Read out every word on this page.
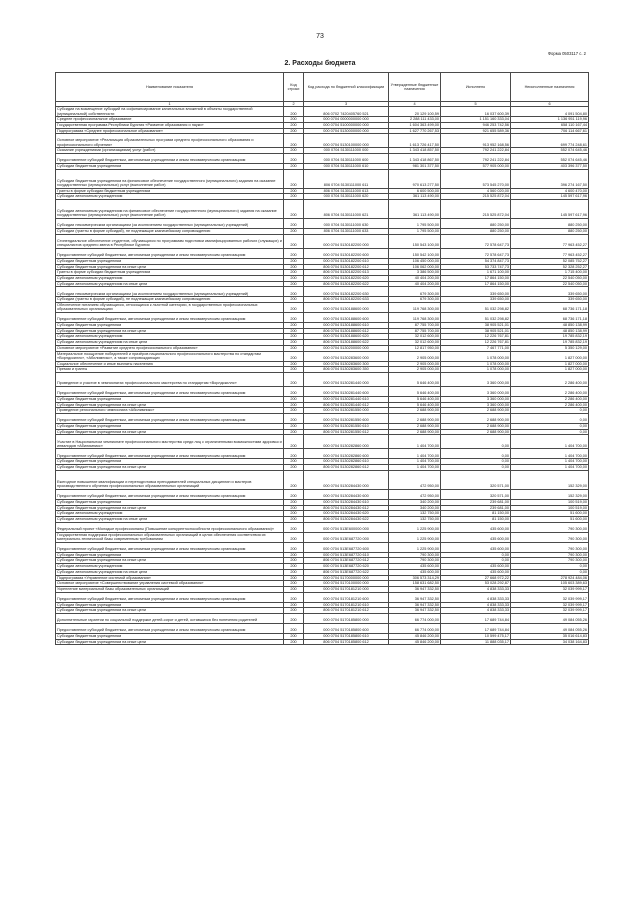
73
Форма 0503117 с. 2
2. Расходы бюджета
Наименование показателя	Код строки	Код расхода по бюджетной классификации	Утвержденные бюджетные назначения	Исполнено	Неисполненные назначения
1	2	3	4	5	6
Субсидии на возмещение субсидий на софинансирование капитальных вложений в объекты государственной (муниципальной) собственности	200	806 0702 7420405760 521	20 129 100,59	16 037 600,39	4 091 504,80
Среднее профессиональное образование	200	000 0704 0000000000 000	2 288 111 433,00	1 151 160 333,04	1 136 951 119,96
Государственная программа Республики Бурятия «Развитие образования и науки»	200	000 0704 5100000000 000	1 604 363 499,00	946 253 742,56	658 110 167,44
Подпрограмма «Среднее профессиональное образование»	200	000 0704 5130000000 000	1 627 770 267,53	921 655 589,36	706 114 667,61
Основное мероприятие «Реализация образовательных программ среднего профессионального образования и профессионального обучения»	200	000 0704 5130100000 000	1 613 726 417,50	913 952 168,56	699 774 248,61
Оказание учреждениями (организациями) услуг (работ)	200	000 0704 5130111000 000	1 343 418 857,50	792 241 222,84	552 074 645,46
Предоставление субсидий бюджетным, автономным учреждениям и иным некоммерческим организациям	200	000 0704 5130111000 600	1 343 418 867,50	792 241 222,84	552 074 645,46
Субсидии бюджетным учреждениям	200	000 0704 5130111000 610	981 301 377,50	577 905 000,00	403 396 377,50
Субсидии бюджетным учреждениям на финансовое обеспечение государственного (муниципального) задания на оказание государственных (муниципальных) услуг (выполнение работ)	200	806 0704 5130111000 611	970 613 277,50	573 545 270,00	396 274 167,50
Гранты в форме субсидии бюджетным учреждениям	200	806 0704 5130111000 613	6 600 500,00	4 560 020,00	4 600 470,00
Субсидии автономным учреждениям	200	000 0704 5130111000 620	361 113 490,00	215 525 872,04	145 597 617,96
Субсидии автономным учреждениям на финансовое обеспечение государственного (муниципального) задания на оказание государственных (муниципальных) услуг (выполнение работ)	200	806 0704 5130111000 621	361 113 490,00	215 525 872,04	145 597 617,96
Субсидии некоммерческим организациям (за исключением государственных (муниципальных) учреждений)	200	000 0704 5130111000 630	1 795 500,00	880 250,00	880 250,00
Субсидии (гранты в форме субсидий), не подлежащие казначейскому сопровождению	200	806 0704 5130111000 633	1 795 500,00	880 250,00	880 250,00
Стипендиальное обеспечение студентов, обучающихся по программам подготовки квалифицированных рабочих (служащих) и специалистов среднего звена в Республике Бурятия	200	000 0704 5130182200 000	150 543 100,00	72 578 647,73	77 963 452,27
Предоставление субсидий бюджетным, автономным учреждениям и иным некоммерческим организациям	200	000 0704 5130182200 600	150 542 100,00	72 578 647,73	77 963 452,27
Субсидии бюджетным учреждениям	200	000 0704 5130182200 610	106 450 000,00	54 374 847,73	52 085 752,27
Субсидии бюджетным учреждениям на иные цели	200	806 0704 5130182200 612	106 062 000,00	53 733 747,73	52 328 252,27
Гранты в форме субсидии бюджетным учреждениям	200	806 0704 5130182200 613	3 386 500,00	1 671 100,00	1 715 400,00
Субсидии автономным учреждениям	200	000 0704 5130182200 620	40 404 200,00	17 864 150,00	22 540 050,00
Субсидии автономным учреждениям на иные цели	200	806 0704 5130182200 622	40 404 200,00	17 864 150,00	22 540 050,00
Субсидии некоммерческим организациям (за исключением государственных (муниципальных) учреждений)	200	000 0704 5130182200 630	679 300,00	339 650,00	339 650,00
Субсидии (гранты в форме субсидий), не подлежащие казначейскому сопровождению	200	806 0704 5130182200 633	679 300,00	339 650,00	339 650,00
Обеспечение питанием обучающихся, относящихся к льготной категории, в государственных профессиональных образовательных организациях	200	000 0704 5130188600 000	119 768 300,00	51 032 298,82	68 736 171,18
Предоставление субсидий бюджетным, автономным учреждениям и иным некоммерческим организациям	200	000 0704 5130188600 600	119 768 300,00	51 032 298,82	68 736 171,18
Субсидии бюджетным учреждениям	200	000 0704 5130188600 610	87 755 700,00	38 905 521,01	48 850 138,99
Субсидии бюджетным учреждениям на иные цели	200	806 0704 5130188600 612	87 755 700,00	38 905 521,01	48 850 138,99
Субсидии автономным учреждениям	200	000 0704 5130188600 620	32 012 600,00	12 226 767,81	19 785 832,19
Субсидии автономным учреждениям на иные цели	200	806 0704 5130188600 622	32 012 600,00	12 226 767,81	19 785 832,19
Основное мероприятие «Развитие среднего профессионального образования»	200	000 0704 5130200000 000	12 817 950,00	7 467 771,00	5 350 129,00
Материальное поощрение победителей и призёров национального профессионального мастерства по стандартам «Ворлдскиллс», «Абилимпикс», а также сопровождающих	200	000 0704 5130283600 000	2 905 000,00	1 078 000,00	1 827 000,00
Социальное обеспечение и иные выплаты населению	200	000 0704 5130283600 300	2 905 000,00	1 078 000,00	1 827 000,00
Премии и гранты	200	806 0704 5130283600 350	2 905 000,00	1 078 000,00	1 827 000,00
Проведение и участие в чемпионатах профессионального мастерства по стандартам «Ворлдскиллс»	200	000 0704 5130281440 000	5 646 400,00	3 360 000,00	2 286 400,00
Предоставление субсидий бюджетным, автономным учреждениям и иным некоммерческим организациям	200	000 0704 5130281440 600	5 646 400,00	3 360 000,00	2 286 400,00
Субсидии бюджетным учреждениям	200	000 0704 5130281440 610	5 646 400,00	3 360 000,00	2 286 400,00
Субсидии бюджетным учреждениям на иные цели	200	806 0704 5130281440 612	5 646 400,00	3 360 000,00	2 286 400,00
Проведение регионального чемпионата «Абилимпикс»	200	000 0704 5130281550 000	2 688 900,00	2 688 900,00	0,00
Предоставление субсидий бюджетным, автономным учреждениям и иным некоммерческим организациям	200	000 0704 5130281550 600	2 688 900,00	2 688 900,00	0,00
Субсидии бюджетным учреждениям	200	000 0704 5130281550 610	2 688 900,00	2 688 900,00	0,00
Субсидии бюджетным учреждениям на иные цели	200	806 0704 5130281550 612	2 688 900,00	2 688 900,00	0,00
Участие в Национальном чемпионате профессионального мастерства среди лиц с ограниченными возможностями здоровья и инвалидов «Абилимпикс»	200	000 0704 5130282860 000	1 404 700,00	0,00	1 404 700,00
Предоставление субсидий бюджетным, автономным учреждениям и иным некоммерческим организациям	200	000 0704 5130282860 600	1 404 700,00	0,00	1 404 700,00
Субсидии бюджетным учреждениям	200	000 0704 5130282860 610	1 404 700,00	0,00	1 404 700,00
Субсидии бюджетным учреждениям на иные цели	200	806 0704 5130282860 612	1 404 700,00	0,00	1 404 700,00
Ежегодное повышение квалификации и переподготовка преподавателей специальных дисциплин и мастеров производственного обучения профессиональных образовательных организаций	200	000 0704 5130284430 000	472 950,00	320 571,00	152 329,00
Предоставление субсидий бюджетным, автономным учреждениям и иным некоммерческим организациям	200	000 0704 5130284430 600	472 950,00	320 571,00	152 329,00
Субсидии бюджетным учреждениям	200	000 0704 5130284430 610	340 200,00	239 681,00	100 519,00
Субсидии бюджетным учреждениям на иные цели	200	806 0704 5130284430 612	340 200,00	239 681,00	100 519,00
Субсидии автономным учреждениям	200	000 0704 5130284430 620	132 750,00	81 150,00	51 600,00
Субсидии автономным учреждениям на иные цели	200	806 0704 5130284430 622	132 750,00	81 150,00	51 600,00
Федеральный проект «Молодые профессионалы (Повышение конкурентоспособности профессионального образования)»	200	000 0704 513E600000 000	1 225 900,00	435 600,00	790 300,00
Государственная поддержка профессиональных образовательных организаций в целях обеспечения соответствия их материально-технической базы современным требованиям	200	000 0704 513E687720 000	1 225 900,00	435 600,00	790 300,00
Предоставление субсидий бюджетным, автономным учреждениям и иным некоммерческим организациям	200	000 0704 513E687720 600	1 225 900,00	435 600,00	790 300,00
Субсидии бюджетным учреждениям	200	000 0704 513E687720 610	790 300,00	0,00	790 300,00
Субсидии бюджетным учреждениям на иные цели	200	806 0704 513E687720 612	790 300,00	0,00	790 300,00
Субсидии автономным учреждениям	200	000 0704 513E687720 620	435 600,00	435 600,00	0,00
Субсидии автономным учреждениям на иные цели	200	806 0704 513E687720 622	435 600,00	435 600,00	0,00
Подпрограмма «Управление системой образования»	200	000 0704 5170000000 000	306 573 314,29	27 668 972,22	278 924 484,06
Основное мероприятие «Совершенствование управления системой образования»	200	000 0704 5170100000 000	158 631 682,50	53 028 292,87	105 603 389,63
Укрепление материальной базы образовательных организаций	200	000 0704 5170181210 000	36 947 332,50	4 838 333,33	32 039 999,17
Предоставление субсидий бюджетным, автономным учреждениям и иным некоммерческим организациям	200	000 0704 5170181210 600	36 947 332,50	4 838 333,33	32 039 999,17
Субсидии бюджетным учреждениям	200	000 0704 5170181210 610	36 947 332,50	4 838 333,33	32 039 999,17
Субсидии бюджетным учреждениям на иные цели	200	806 0704 5170181210 612	36 947 332,50	4 838 333,33	32 039 999,17
Дополнительные гарантии по социальной поддержке детей-сирот и детей, оставшихся без попечения родителей	200	000 0704 5170185800 000	66 774 000,00	17 689 744,84	49 084 055,26
Предоставление субсидий бюджетным, автономным учреждениям и иным некоммерческим организациям	200	000 0704 5170185800 600	66 774 000,00	17 689 744,84	49 084 055,26
Субсидии бюджетным учреждениям	200	000 0704 5170185800 610	45 846 200,00	10 599 475,17	35 016 614,83
Субсидии бюджетным учреждениям на иные цели	200	806 0704 5170185800 612	45 846 200,00	11 888 035,17	34 038 164,83
